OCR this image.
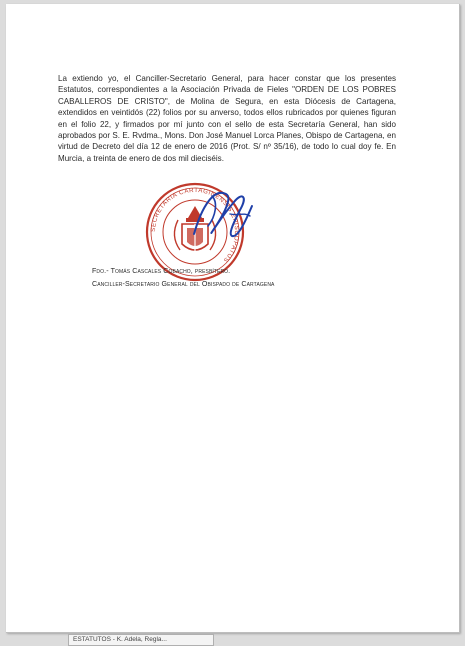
La extiendo yo, el Canciller-Secretario General, para hacer constar que los presentes Estatutos, correspondientes a la Asociación Privada de Fieles "ORDEN DE LOS POBRES CABALLEROS DE CRISTO", de Molina de Segura, en esta Diócesis de Cartagena, extendidos en veintidós (22) folios por su anverso, todos ellos rubricados por quienes figuran en el folio 22, y firmados por mí junto con el sello de esta Secretaría General, han sido aprobados por S. E. Rvdma., Mons. Don José Manuel Lorca Planes, Obispo de Cartagena, en virtud de Decreto del día 12 de enero de 2016 (Prot. S/ nº 35/16), de todo lo cual doy fe. En Murcia, a treinta de enero de dos mil dieciséis.

SECRETARIA CARTAGINENSIS EPISCOPATUS
Fdo.- Tomás Cascales Cobacho, presbítero.
Canciller-Secretario General del Obispado de Cartagena
ESTATUTOS - K. Adela, Regla...
